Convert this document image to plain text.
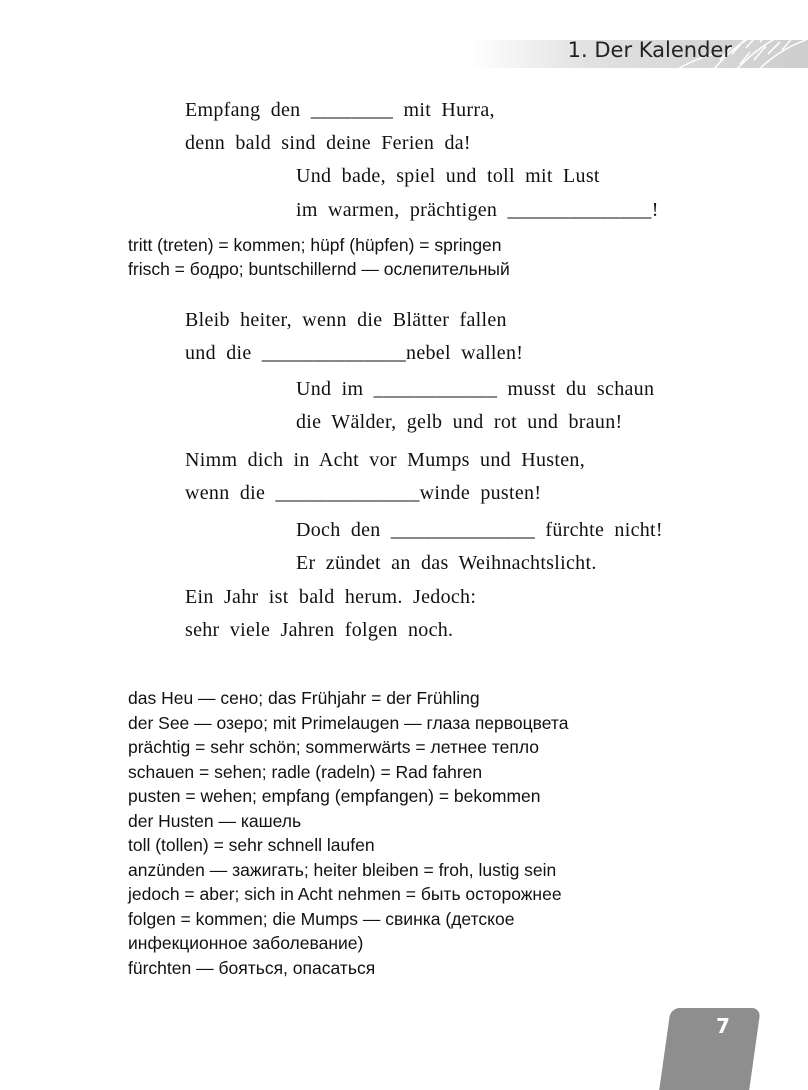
1. Der Kalender
Empfang den ________ mit Hurra,
denn bald sind deine Ferien da!
Und bade, spiel und toll mit Lust
im warmen, prächtigen ______________!
tritt (treten) = kommen; hüpf (hüpfen) = springen
frisch = бодро; buntschillernd — ослепительный
Bleib heiter, wenn die Blätter fallen
und die ______________nebel wallen!
Und im ____________ musst du schaun
die Wälder, gelb und rot und braun!
Nimm dich in Acht vor Mumps und Husten,
wenn die ______________winde pusten!
Doch den ______________ fürchte nicht!
Er zündet an das Weihnachtslicht.
Ein Jahr ist bald herum. Jedoch:
sehr viele Jahren folgen noch.
das Heu — сено; das Frühjahr = der Frühling
der See — озеро; mit Primelaugen — глаза первоцвета
prächtig = sehr schön; sommerwärts = летнее тепло
schauen = sehen; radle (radeln) = Rad fahren
pusten = wehen; empfang (empfangen) = bekommen
der Husten — кашель
toll (tollen) = sehr schnell laufen
anzünden — зажигать; heiter bleiben = froh, lustig sein
jedoch = aber; sich in Acht nehmen = быть осторожнее
folgen = kommen; die Mumps — свинка (детское
инфекционное заболевание)
fürchten — бояться, опасаться
7
